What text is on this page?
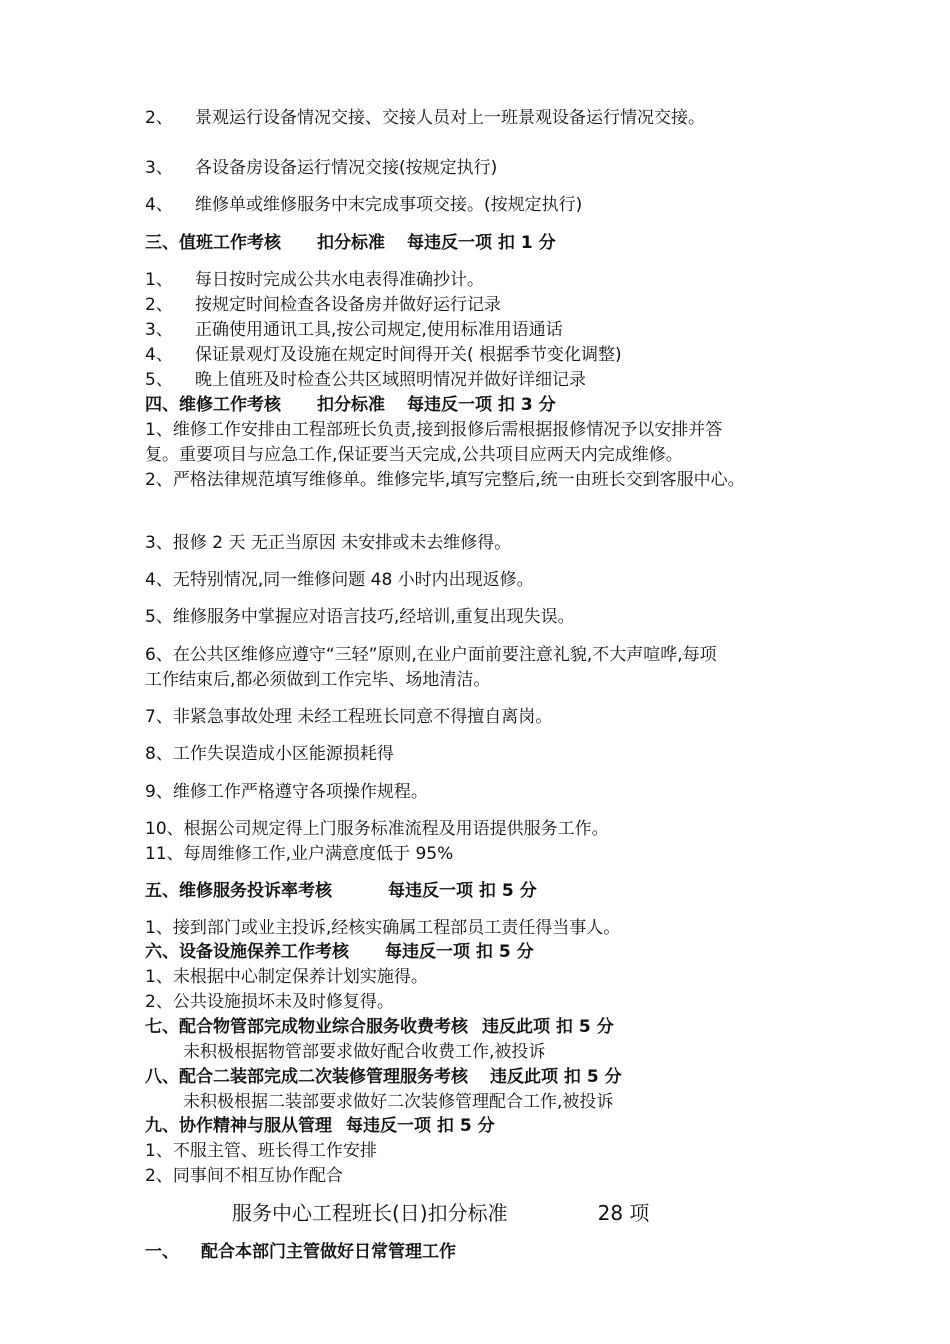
2、 景观运行设备情况交接、交接人员对上一班景观设备运行情况交接。
3、 各设备房设备运行情况交接(按规定执行)
4、 维修单或维修服务中末完成事项交接。(按规定执行)
三、值班工作考核 扣分标准 每违反一项 扣 1 分
1、 每日按时完成公共水电表得准确抄计。
2、 按规定时间检查各设备房并做好运行记录
3、 正确使用通讯工具,按公司规定,使用标准用语通话
4、 保证景观灯及设施在规定时间得开关( 根据季节变化调整)
5、 晚上值班及时检查公共区域照明情况并做好详细记录
四、维修工作考核 扣分标准 每违反一项 扣 3 分
1、维修工作安排由工程部班长负责,接到报修后需根据报修情况予以安排并答
复。重要项目与应急工作,保证要当天完成,公共项目应两天内完成维修。
2、严格法律规范填写维修单。维修完毕,填写完整后,统一由班长交到客服中心。
3、报修 2 天 无正当原因 未安排或未去维修得。
4、无特别情况,同一维修问题 48 小时内出现返修。
5、维修服务中掌握应对语言技巧,经培训,重复出现失误。
6、在公共区维修应遵守“三轻”原则,在业户面前要注意礼貌,不大声喧哗,每项
工作结束后,都必须做到工作完毕、场地清洁。
7、非紧急事故处理 未经工程班长同意不得擅自离岗。
8、工作失误造成小区能源损耗得
9、维修工作严格遵守各项操作规程。
10、根据公司规定得上门服务标准流程及用语提供服务工作。
11、每周维修工作,业户满意度低于 95%
五、维修服务投诉率考核	每违反一项 扣 5 分
1、接到部门或业主投诉,经核实确属工程部员工责任得当事人。
六、设备设施保养工作考核 每违反一项 扣 5 分
1、未根据中心制定保养计划实施得。
2、公共设施损坏未及时修复得。
七、配合物管部完成物业综合服务收费考核 违反此项 扣 5 分
未积极根据物管部要求做好配合收费工作,被投诉
八、配合二装部完成二次装修管理服务考核 违反此项 扣 5 分
未积极根据二装部要求做好二次装修管理配合工作,被投诉
九、协作精神与服从管理 每违反一项 扣 5 分
1、不服主管、班长得工作安排
2、同事间不相互协作配合
服务中心工程班长(日)扣分标准	28 项
一、 配合本部门主管做好日常管理工作
